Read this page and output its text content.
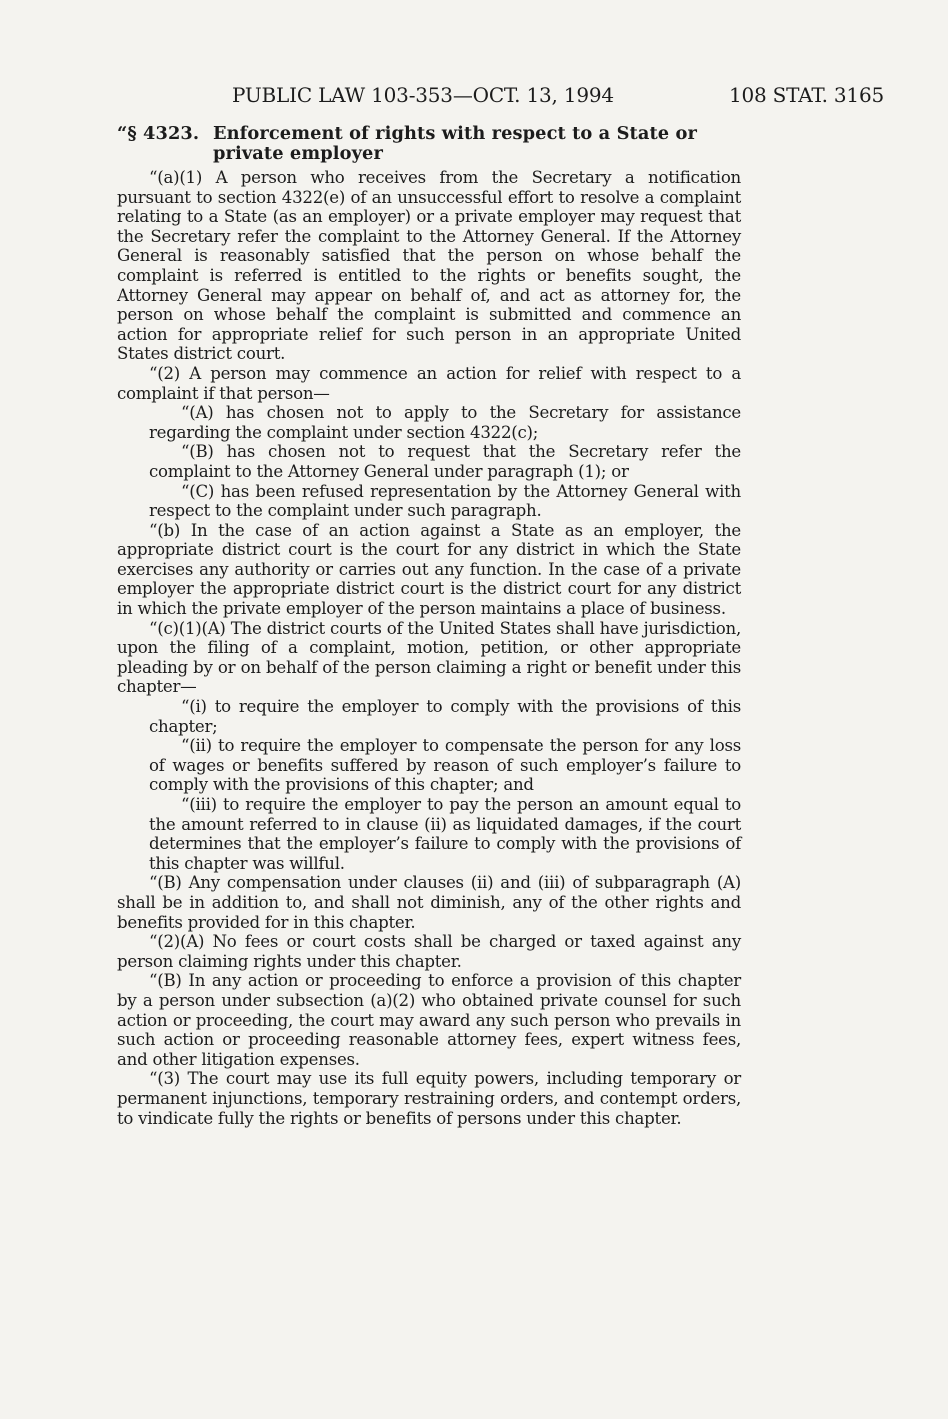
PUBLIC LAW 103-353—OCT. 13, 1994	108 STAT. 3165
“§ 4323. Enforcement of rights with respect to a State or private employer

“(a)(1) A person who receives from the Secretary a notification pursuant to section 4322(e) of an unsuccessful effort to resolve a complaint relating to a State (as an employer) or a private employer may request that the Secretary refer the complaint to the Attorney General. If the Attorney General is reasonably satisfied that the person on whose behalf the complaint is referred is entitled to the rights or benefits sought, the Attorney General may appear on behalf of, and act as attorney for, the person on whose behalf the complaint is submitted and commence an action for appropriate relief for such person in an appropriate United States district court.

“(2) A person may commence an action for relief with respect to a complaint if that person—

“(A) has chosen not to apply to the Secretary for assistance regarding the complaint under section 4322(c);

“(B) has chosen not to request that the Secretary refer the complaint to the Attorney General under paragraph (1); or

“(C) has been refused representation by the Attorney General with respect to the complaint under such paragraph.

“(b) In the case of an action against a State as an employer, the appropriate district court is the court for any district in which the State exercises any authority or carries out any function. In the case of a private employer the appropriate district court is the district court for any district in which the private employer of the person maintains a place of business.

“(c)(1)(A) The district courts of the United States shall have jurisdiction, upon the filing of a complaint, motion, petition, or other appropriate pleading by or on behalf of the person claiming a right or benefit under this chapter—

“(i) to require the employer to comply with the provisions of this chapter;

“(ii) to require the employer to compensate the person for any loss of wages or benefits suffered by reason of such employer’s failure to comply with the provisions of this chapter; and

“(iii) to require the employer to pay the person an amount equal to the amount referred to in clause (ii) as liquidated damages, if the court determines that the employer’s failure to comply with the provisions of this chapter was willful.

“(B) Any compensation under clauses (ii) and (iii) of subparagraph (A) shall be in addition to, and shall not diminish, any of the other rights and benefits provided for in this chapter.

“(2)(A) No fees or court costs shall be charged or taxed against any person claiming rights under this chapter.

“(B) In any action or proceeding to enforce a provision of this chapter by a person under subsection (a)(2) who obtained private counsel for such action or proceeding, the court may award any such person who prevails in such action or proceeding reasonable attorney fees, expert witness fees, and other litigation expenses.

“(3) The court may use its full equity powers, including temporary or permanent injunctions, temporary restraining orders, and contempt orders, to vindicate fully the rights or benefits of persons under this chapter.
